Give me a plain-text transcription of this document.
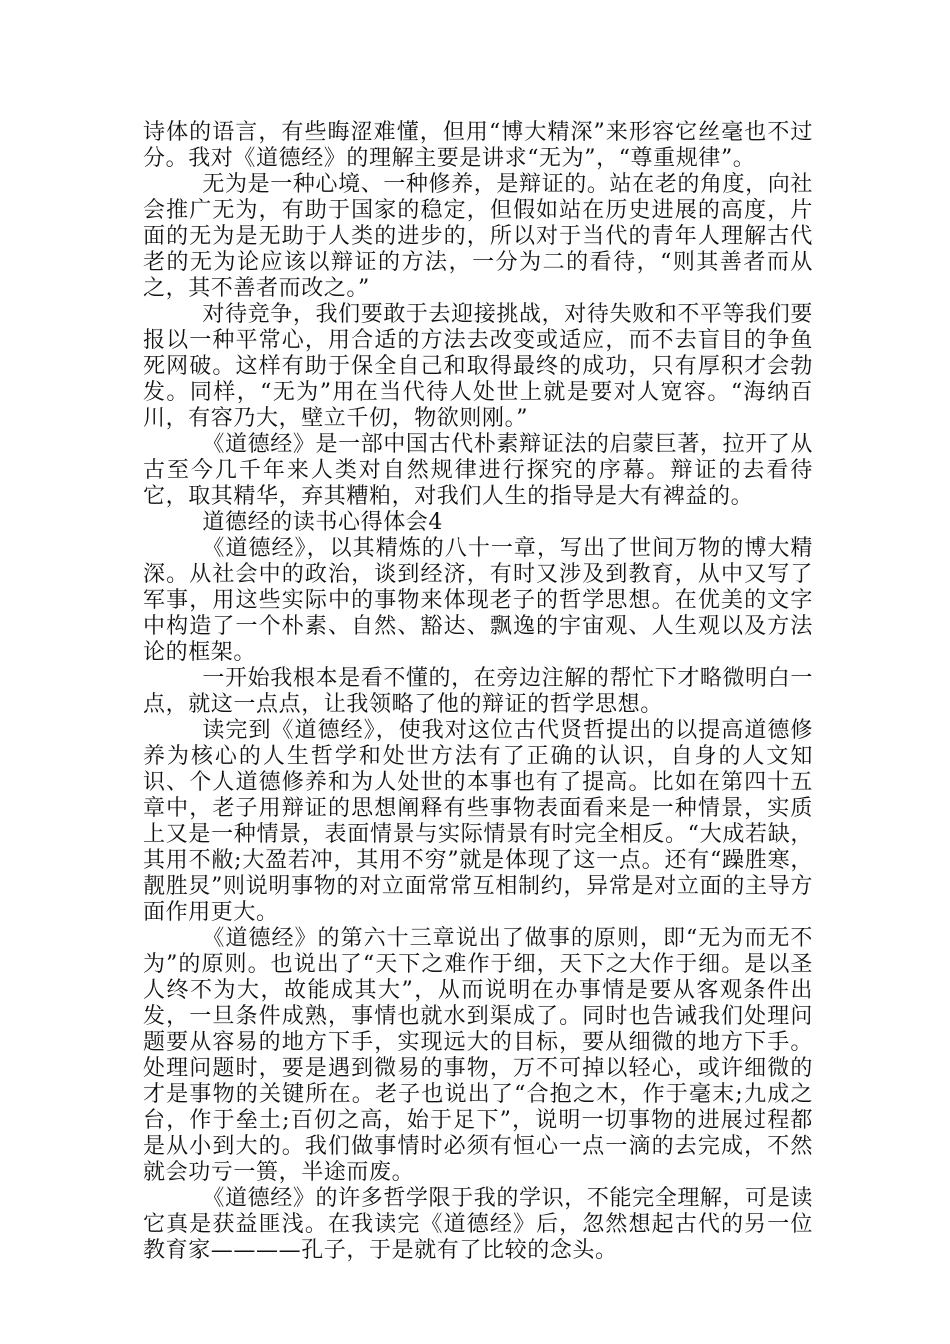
诗体的语言，有些晦涩难懂，但用“博大精深”来形容它丝毫也不过分。我对《道德经》的理解主要是讲求“无为”，“尊重规律”。

无为是一种心境、一种修养，是辩证的。站在老的角度，向社会推广无为，有助于国家的稳定，但假如站在历史进展的高度，片面的无为是无助于人类的进步的，所以对于当代的青年人理解古代老的无为论应该以辩证的方法，一分为二的看待，“则其善者而从之，其不善者而改之。”

对待竞争，我们要敢于去迎接挑战，对待失败和不平等我们要报以一种平常心，用合适的方法去改变或适应，而不去盲目的争鱼死网破。这样有助于保全自己和取得最终的成功，只有厚积才会勃发。同样，“无为”用在当代待人处世上就是要对人宽容。“海纳百川，有容乃大，壁立千仞，物欲则刚。”

《道德经》是一部中国古代朴素辩证法的启蒙巨著，拉开了从古至今几千年来人类对自然规律进行探究的序幕。辩证的去看待它，取其精华，弃其糟粕，对我们人生的指导是大有裨益的。

道德经的读书心得体会4

《道德经》，以其精炼的八十一章，写出了世间万物的博大精深。从社会中的政治，谈到经济，有时又涉及到教育，从中又写了军事，用这些实际中的事物来体现老子的哲学思想。在优美的文字中构造了一个朴素、自然、豁达、飘逸的宇宙观、人生观以及方法论的框架。

一开始我根本是看不懂的，在旁边注解的帮忙下才略微明白一点，就这一点点，让我领略了他的辩证的哲学思想。

读完到《道德经》，使我对这位古代贤哲提出的以提高道德修养为核心的人生哲学和处世方法有了正确的认识，自身的人文知识、个人道德修养和为人处世的本事也有了提高。比如在第四十五章中，老子用辩证的思想阐释有些事物表面看来是一种情景，实质上又是一种情景，表面情景与实际情景有时完全相反。“大成若缺，其用不敝;大盈若冲，其用不穷”就是体现了这一点。还有“躁胜寒，靓胜炅”则说明事物的对立面常常互相制约，异常是对立面的主导方面作用更大。

《道德经》的第六十三章说出了做事的原则，即“无为而无不为”的原则。也说出了“天下之难作于细，天下之大作于细。是以圣人终不为大，故能成其大”，从而说明在办事情是要从客观条件出发，一旦条件成熟，事情也就水到渠成了。同时也告诫我们处理问题要从容易的地方下手，实现远大的目标，要从细微的地方下手。处理问题时，要是遇到微易的事物，万不可掉以轻心，或许细微的才是事物的关键所在。老子也说出了“合抱之木，作于毫末;九成之台，作于垒土;百仞之高，始于足下”，说明一切事物的进展过程都是从小到大的。我们做事情时必须有恒心一点一滴的去完成，不然就会功亏一篑，半途而废。

《道德经》的许多哲学限于我的学识，不能完全理解，可是读它真是获益匪浅。在我读完《道德经》后，忽然想起古代的另一位教育家————孔子，于是就有了比较的念头。
